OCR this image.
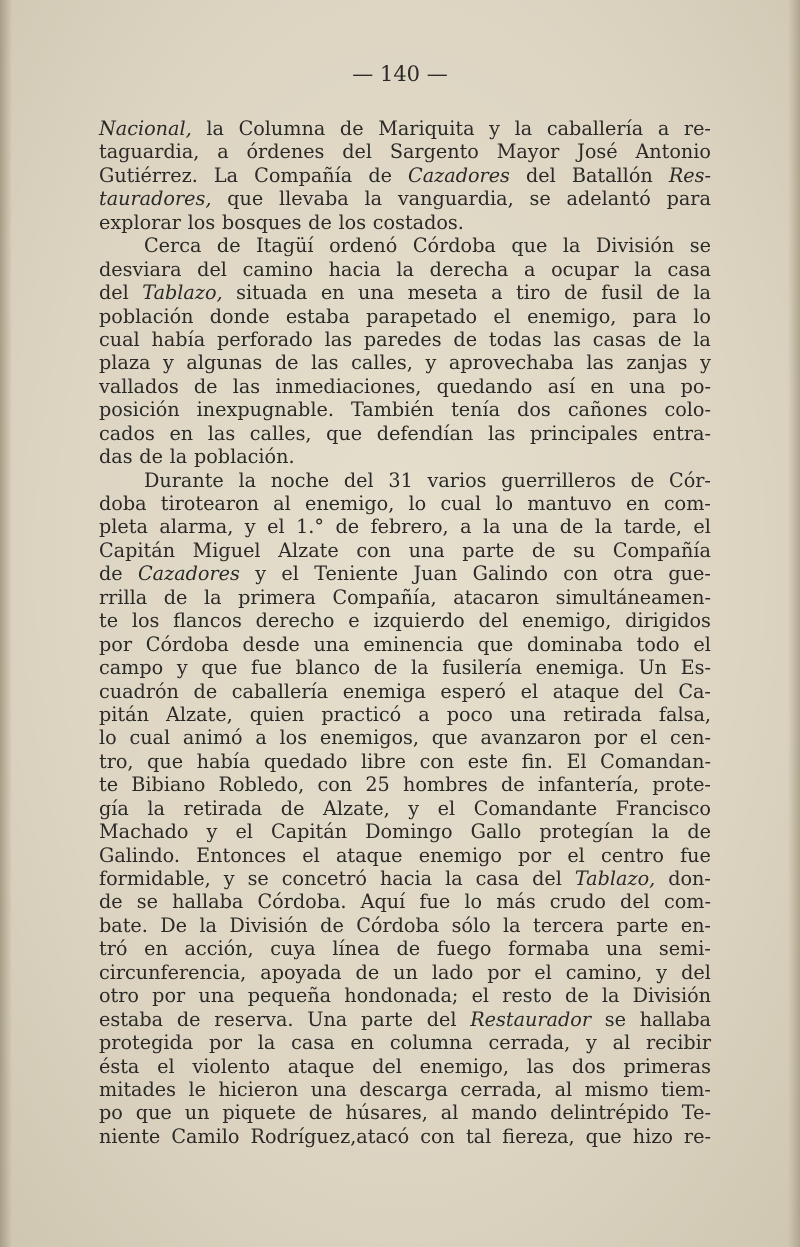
— 140 —
Nacional, la Columna de Mariquita y la caballería a re-
taguardia, a órdenes del Sargento Mayor José Antonio
Gutiérrez. La Compañía de Cazadores del Batallón Res-
tauradores, que llevaba la vanguardia, se adelantó para
explorar los bosques de los costados.
Cerca de Itagüí ordenó Córdoba que la División se
desviara del camino hacia la derecha a ocupar la casa
del Tablazo, situada en una meseta a tiro de fusil de la
población donde estaba parapetado el enemigo, para lo
cual había perforado las paredes de todas las casas de la
plaza y algunas de las calles, y aprovechaba las zanjas y
vallados de las inmediaciones, quedando así en una po-
posición inexpugnable. También tenía dos cañones colo-
cados en las calles, que defendían las principales entra-
das de la población.
Durante la noche del 31 varios guerrilleros de Cór-
doba tirotearon al enemigo, lo cual lo mantuvo en com-
pleta alarma, y el 1.° de febrero, a la una de la tarde, el
Capitán Miguel Alzate con una parte de su Compañía
de Cazadores y el Teniente Juan Galindo con otra gue-
rrilla de la primera Compañía, atacaron simultáneamen-
te los flancos derecho e izquierdo del enemigo, dirigidos
por Córdoba desde una eminencia que dominaba todo el
campo y que fue blanco de la fusilería enemiga. Un Es-
cuadrón de caballería enemiga esperó el ataque del Ca-
pitán Alzate, quien practicó a poco una retirada falsa,
lo cual animó a los enemigos, que avanzaron por el cen-
tro, que había quedado libre con este fin. El Comandan-
te Bibiano Robledo, con 25 hombres de infantería, prote-
gía la retirada de Alzate, y el Comandante Francisco
Machado y el Capitán Domingo Gallo protegían la de
Galindo. Entonces el ataque enemigo por el centro fue
formidable, y se concetró hacia la casa del Tablazo, don-
de se hallaba Córdoba. Aquí fue lo más crudo del com-
bate. De la División de Córdoba sólo la tercera parte en-
tró en acción, cuya línea de fuego formaba una semi-
circunferencia, apoyada de un lado por el camino, y del
otro por una pequeña hondonada; el resto de la División
estaba de reserva. Una parte del Restaurador se hallaba
protegida por la casa en columna cerrada, y al recibir
ésta el violento ataque del enemigo, las dos primeras
mitades le hicieron una descarga cerrada, al mismo tiem-
po que un piquete de húsares, al mando delintrépido Te-
niente Camilo Rodríguez,atacó con tal fiereza, que hizo re-
